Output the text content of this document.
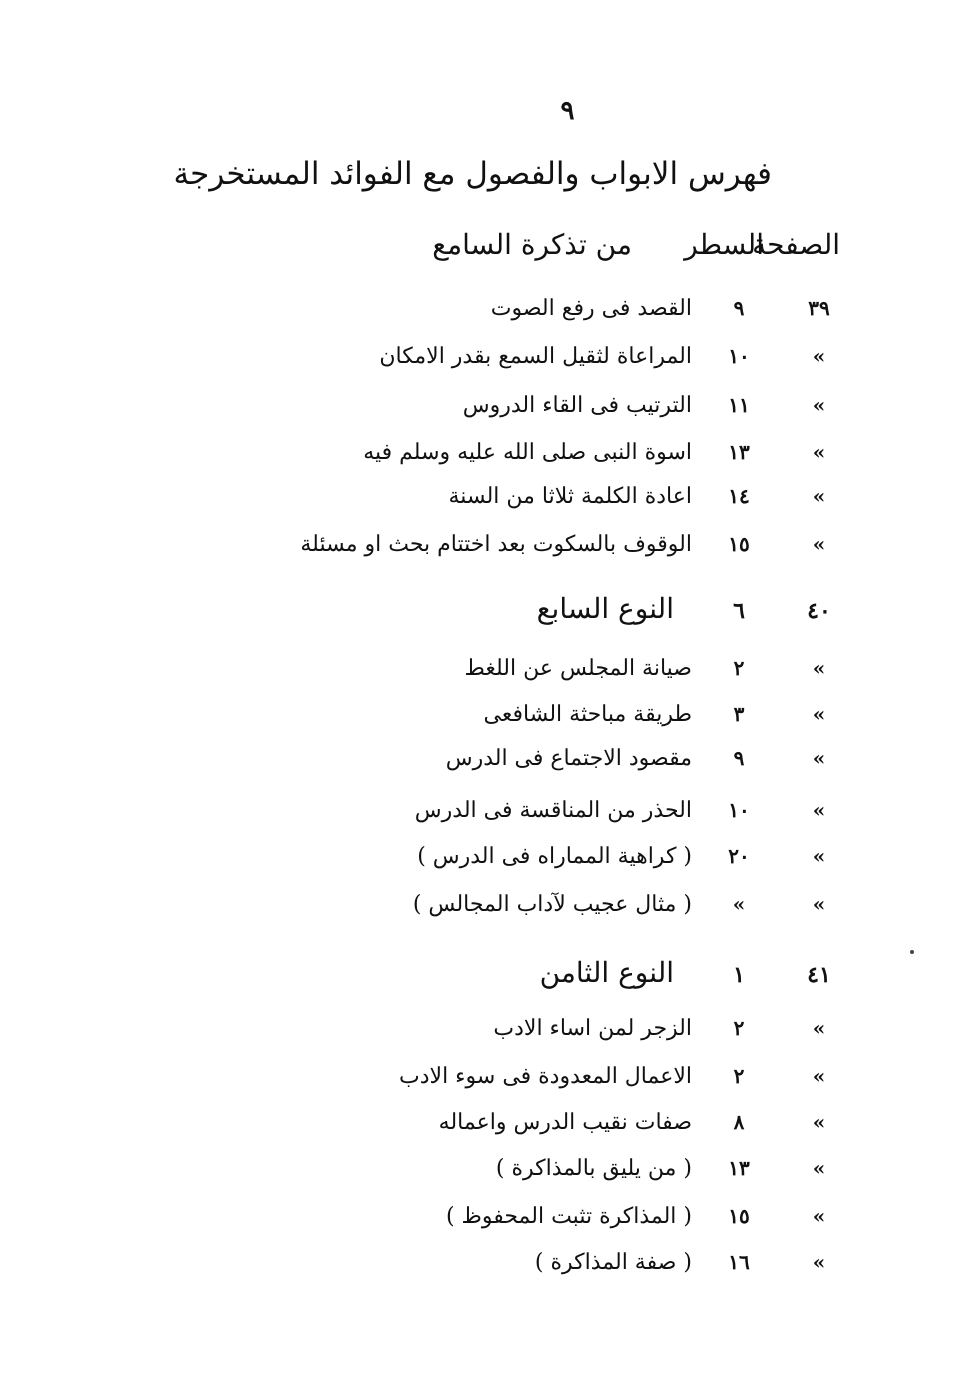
٩
فهرس الابواب والفصول مع الفوائد المستخرجة
الصفحة
السطر
من تذكرة السامع
٣٩
٩
القصد فى رفع الصوت
»
١٠
المراعاة لثقيل السمع بقدر الامكان
»
١١
الترتيب فى القاء الدروس
»
١٣
اسوة النبى صلى الله عليه وسلم فيه
»
١٤
اعادة الكلمة ثلاثا من السنة
»
١٥
الوقوف بالسكوت بعد اختتام بحث او مسئلة
٤٠
٦
النوع السابع
»
٢
صيانة المجلس عن اللغط
»
٣
طريقة مباحثة الشافعى
»
٩
مقصود الاجتماع فى الدرس
»
١٠
الحذر من المناقسة فى الدرس
»
٢٠
( كراهية المماراه فى الدرس )
»
»
( مثال عجيب لآداب المجالس )
٤١
١
النوع الثامن
»
٢
الزجر لمن اساء الادب
»
٢
الاعمال المعدودة فى سوء الادب
»
٨
صفات نقيب الدرس واعماله
»
١٣
( من يليق بالمذاكرة )
»
١٥
( المذاكرة تثبت المحفوظ )
»
١٦
( صفة المذاكرة )
